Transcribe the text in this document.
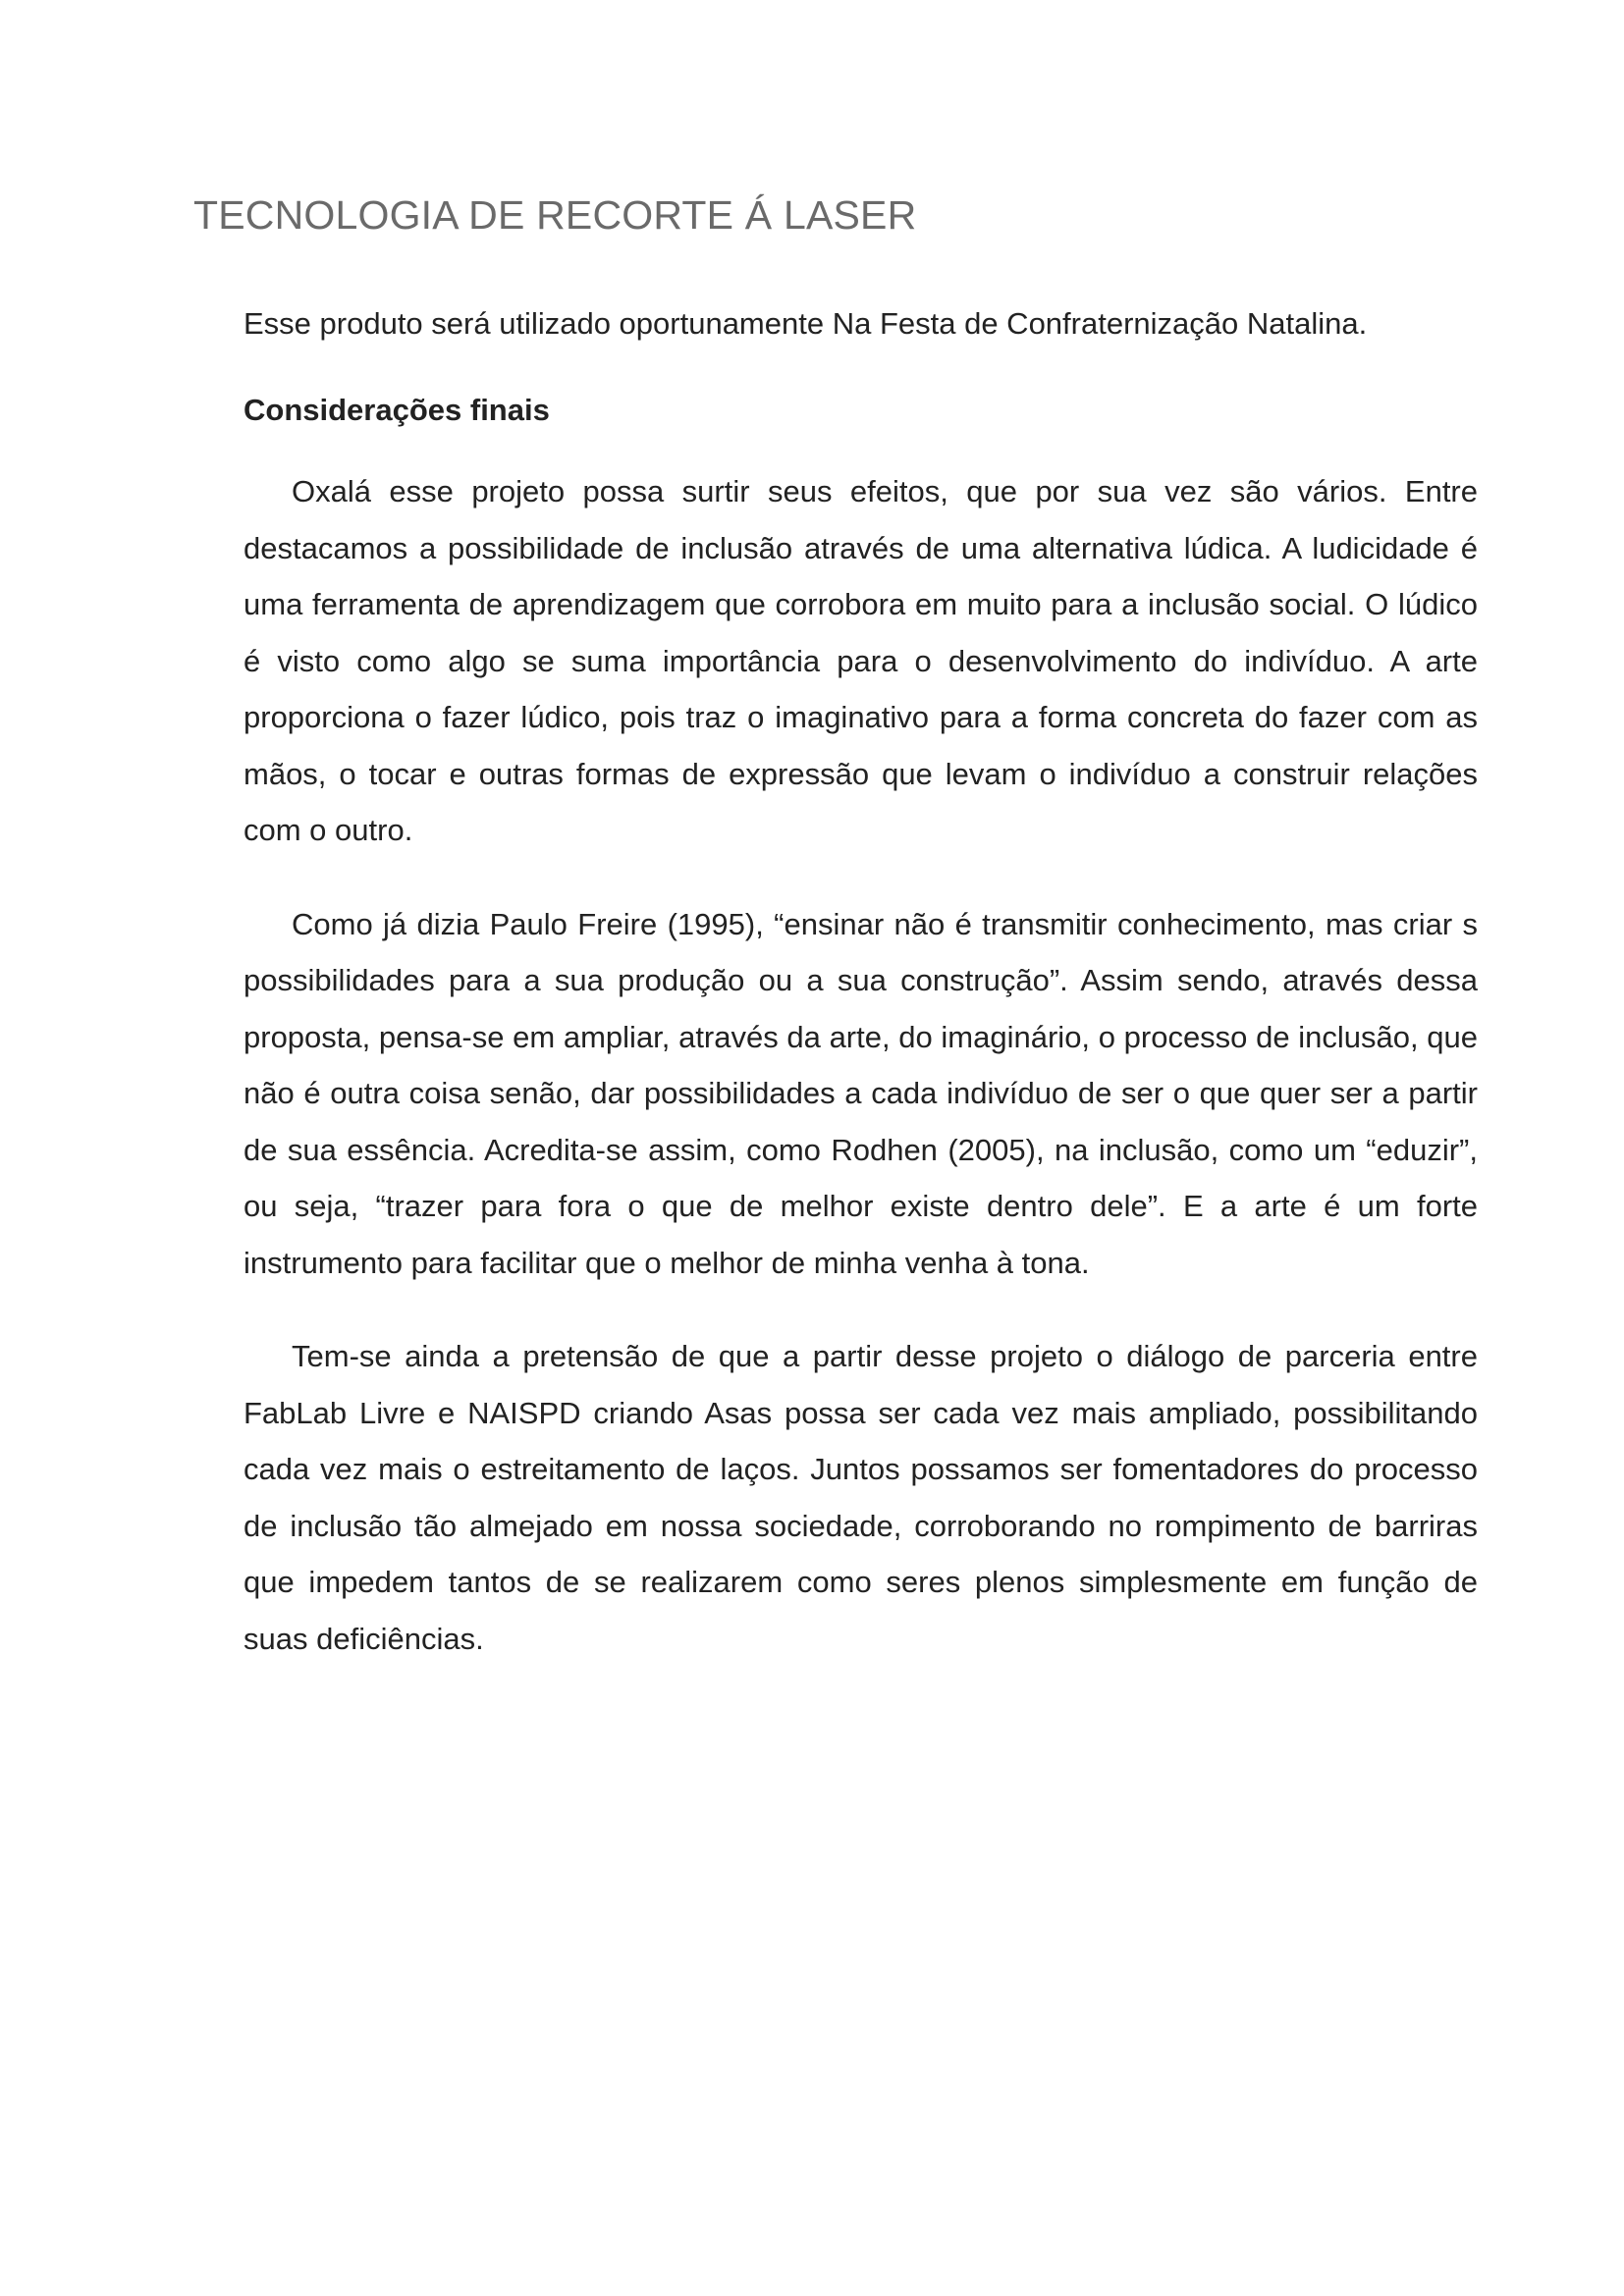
TECNOLOGIA DE RECORTE Á LASER

Esse produto será utilizado oportunamente Na Festa de Confraternização Natalina.

Considerações finais

Oxalá esse projeto possa surtir seus efeitos, que por sua vez são vários. Entre destacamos a possibilidade de inclusão através de uma alternativa lúdica. A ludicidade é uma ferramenta de aprendizagem que corrobora em muito para a inclusão social. O lúdico é visto como algo se suma importância para o desenvolvimento do indivíduo. A arte proporciona o fazer lúdico, pois traz o imaginativo para a forma concreta do fazer com as mãos, o tocar e outras formas de expressão que levam o indivíduo a construir relações com o outro.

Como já dizia Paulo Freire (1995), “ensinar não é transmitir conhecimento, mas criar s possibilidades para a sua produção ou a sua construção”. Assim sendo, através dessa proposta, pensa-se em ampliar, através da arte, do imaginário, o processo de inclusão, que não é outra coisa senão, dar possibilidades a cada indivíduo de ser o que quer ser a partir de sua essência. Acredita-se assim, como Rodhen (2005), na inclusão, como um “eduzir”, ou seja, “trazer para fora o que de melhor existe dentro dele”. E a arte é um forte instrumento para facilitar que o melhor de minha venha à tona.

Tem-se ainda a pretensão de que a partir desse projeto o diálogo de parceria entre FabLab Livre e NAISPD criando Asas possa ser cada vez mais ampliado, possibilitando cada vez mais o estreitamento de laços. Juntos possamos ser fomentadores do processo de inclusão tão almejado em nossa sociedade, corroborando no rompimento de barriras que impedem tantos de se realizarem como seres plenos simplesmente em função de suas deficiências.
